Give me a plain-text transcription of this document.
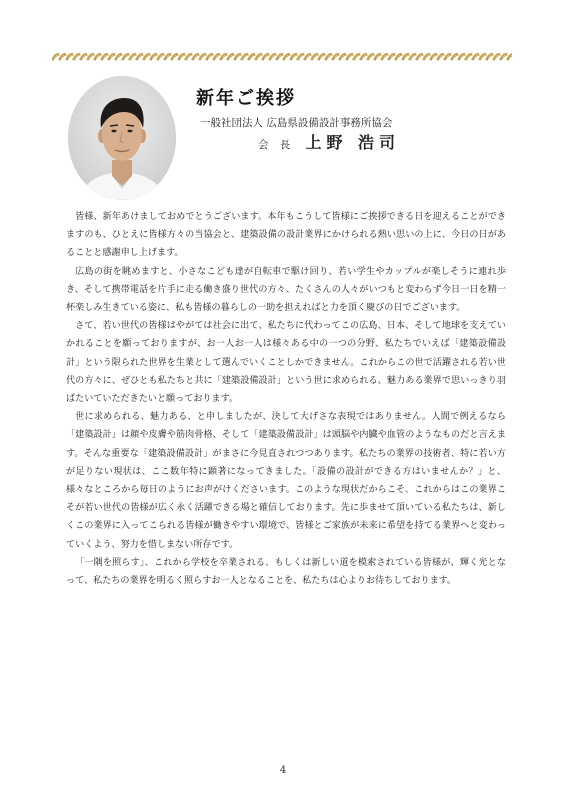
新年ご挨拶
一般社団法人 広島県設備設計事務所協会
会 長 上野 浩司

皆様、新年あけましておめでとうございます。本年もこうして皆様にご挨拶できる日を迎えることができますのも、ひとえに皆様方々の当協会と、建築設備の設計業界にかけられる熱い思いの上に、今日の日があることと感謝申し上げます。

広島の街を眺めますと、小さなこども達が自転車で駆け回り、若い学生やカップルが楽しそうに連れ歩き、そして携帯電話を片手に走る働き盛り世代の方々、たくさんの人々がいつもと変わらず今日一日を精一杯楽しみ生きている姿に、私も皆様の暮らしの一助を担えればと力を頂く慶びの日でございます。

さて、若い世代の皆様はやがては社会に出て、私たちに代わってこの広島、日本、そして地球を支えていかれることを願っておりますが、お一人お一人は様々ある中の一つの分野、私たちでいえば「建築設備設計」という限られた世界を生業として選んでいくことしかできません。これからこの世で活躍される若い世代の方々に、ぜひとも私たちと共に「建築設備設計」という世に求められる、魅力ある業界で思いっきり羽ばたいていただきたいと願っております。

世に求められる、魅力ある、と申しましたが、決して大げさな表現ではありません。人間で例えるなら「建築設計」は顔や皮膚や筋肉骨格、そして「建築設備設計」は頭脳や内臓や血管のようなものだと言えます。そんな重要な「建築設備設計」がまさに今見直されつつあります。私たちの業界の技術者、特に若い方が足りない現状は、ここ数年特に顕著になってきました。「設備の設計ができる方はいませんか？」と、様々なところから毎日のようにお声がけくださいます。このような現状だからこそ、これからはこの業界こそが若い世代の皆様が広く永く活躍できる場と確信しております。先に歩ませて頂いている私たちは、新しくこの業界に入ってこられる皆様が働きやすい環境で、皆様とご家族が未来に希望を持てる業界へと変わっていくよう、努力を惜しまない所存です。

「一隅を照らす」、これから学校を卒業される、もしくは新しい道を模索されている皆様が、輝く光となって、私たちの業界を明るく照らすお一人となることを、私たちは心よりお待ちしております。

4
